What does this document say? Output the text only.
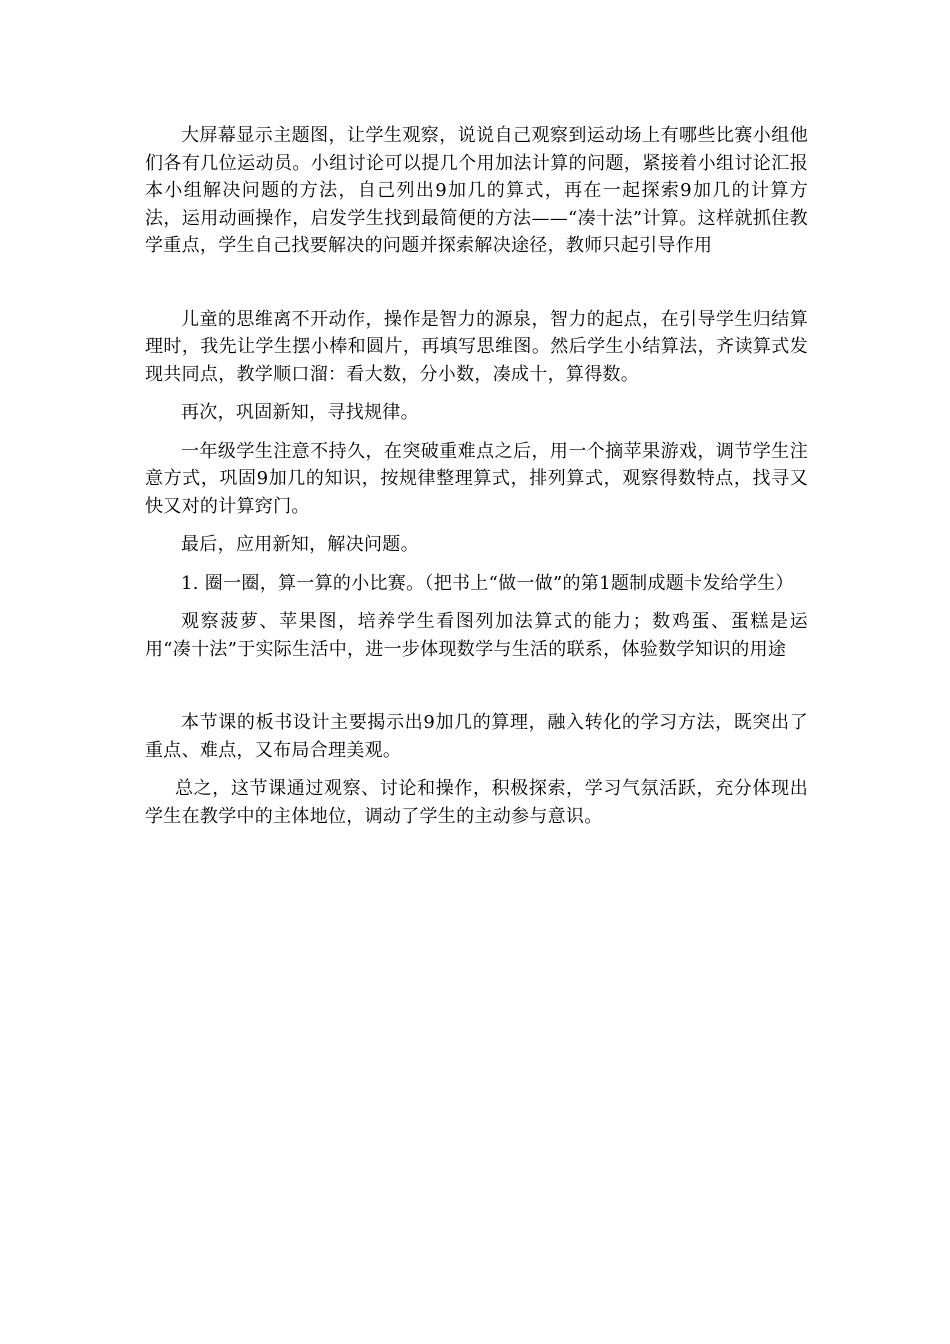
大屏幕显示主题图，让学生观察，说说自己观察到运动场上有哪些比赛小组他们各有几位运动员。小组讨论可以提几个用加法计算的问题，紧接着小组讨论汇报本小组解决问题的方法，自己列出9加几的算式，再在一起探索9加几的计算方法，运用动画操作，启发学生找到最简便的方法——“凑十法”计算。这样就抓住教学重点，学生自己找要解决的问题并探索解决途径，教师只起引导作用

儿童的思维离不开动作，操作是智力的源泉，智力的起点，在引导学生归结算理时，我先让学生摆小棒和圆片，再填写思维图。然后学生小结算法，齐读算式发现共同点，教学顺口溜：看大数，分小数，凑成十，算得数。

再次，巩固新知，寻找规律。

一年级学生注意不持久，在突破重难点之后，用一个摘苹果游戏，调节学生注意方式，巩固9加几的知识，按规律整理算式，排列算式，观察得数特点，找寻又快又对的计算窍门。

最后，应用新知，解决问题。

1. 圈一圈，算一算的小比赛。（把书上“做一做”的第1题制成题卡发给学生）

观察菠萝、苹果图，培养学生看图列加法算式的能力；数鸡蛋、蛋糕是运用“凑十法”于实际生活中，进一步体现数学与生活的联系，体验数学知识的用途

本节课的板书设计主要揭示出9加几的算理，融入转化的学习方法，既突出了重点、难点，又布局合理美观。

总之，这节课通过观察、讨论和操作，积极探索，学习气氛活跃，充分体现出学生在教学中的主体地位，调动了学生的主动参与意识。
